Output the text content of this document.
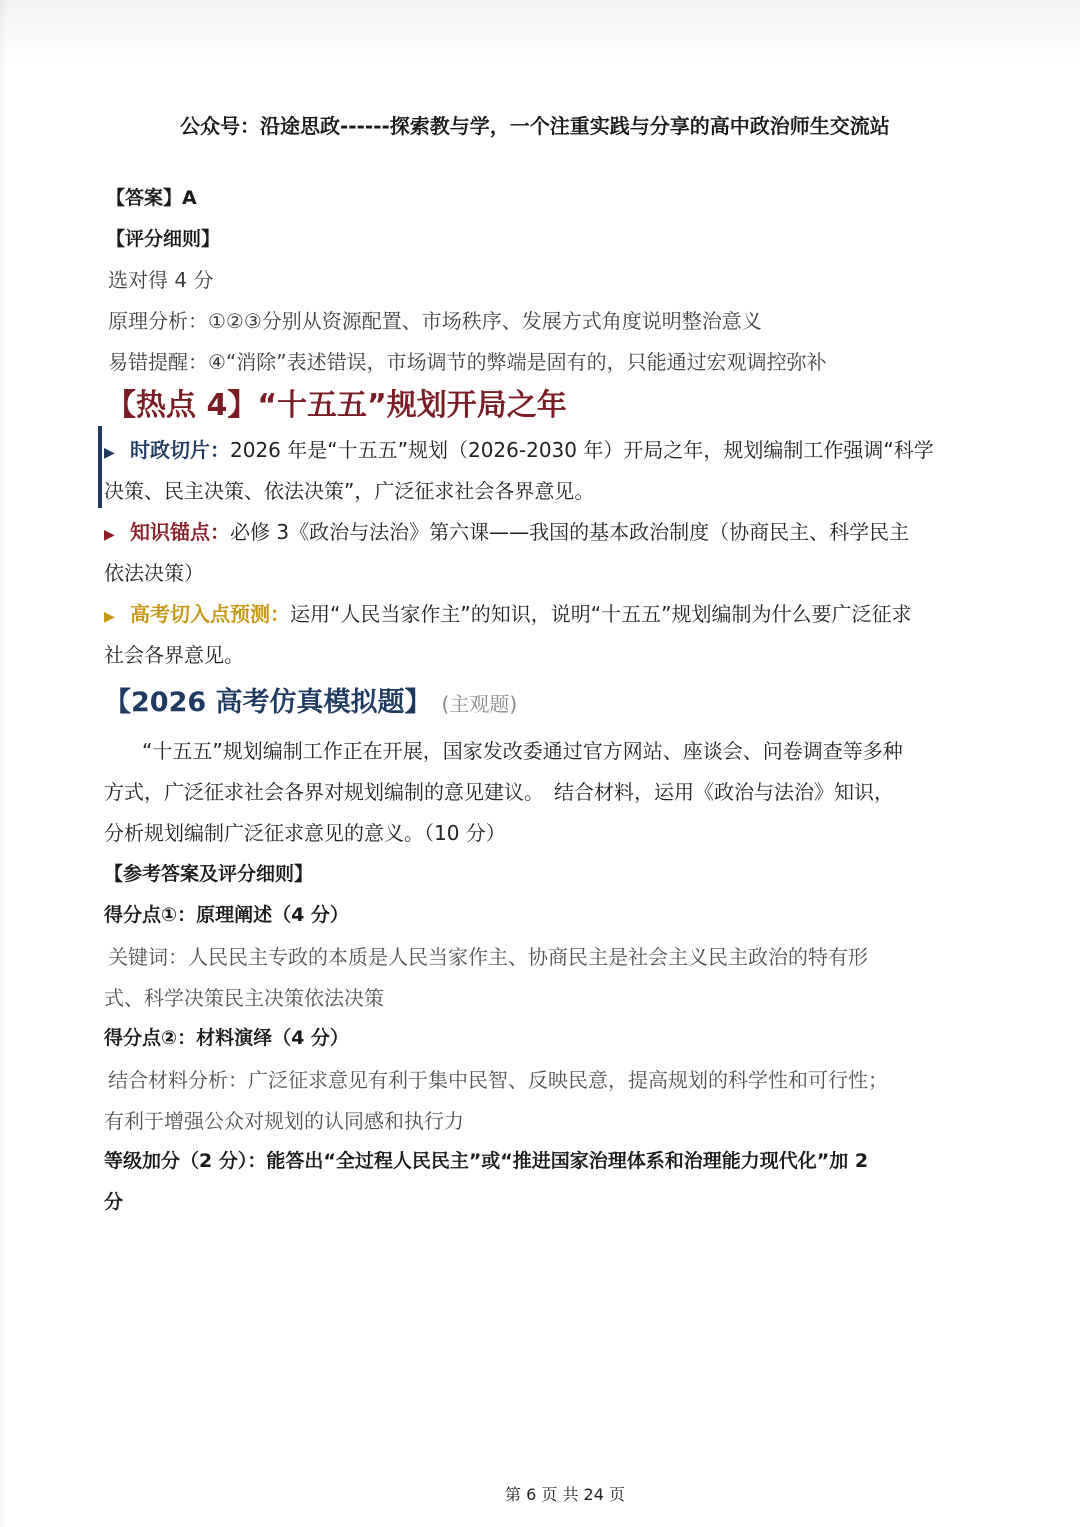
公众号：沿途思政------探索教与学，一个注重实践与分享的高中政治师生交流站
【答案】A
【评分细则】
选对得 4 分
原理分析：①②③分别从资源配置、市场秩序、发展方式角度说明整治意义
易错提醒：④“消除”表述错误，市场调节的弊端是固有的，只能通过宏观调控弥补
【热点 4】“十五五”规划开局之年
▶ 时政切片：2026 年是“十五五”规划（2026-2030 年）开局之年，规划编制工作强调“科学
决策、民主决策、依法决策”，广泛征求社会各界意见。
▶ 知识锚点：必修 3《政治与法治》第六课——我国的基本政治制度（协商民主、科学民主
依法决策）
▶ 高考切入点预测：运用“人民当家作主”的知识，说明“十五五”规划编制为什么要广泛征求
社会各界意见。
【2026 高考仿真模拟题】 (主观题)
“十五五”规划编制工作正在开展，国家发改委通过官方网站、座谈会、问卷调查等多种
方式，广泛征求社会各界对规划编制的意见建议。　结合材料，运用《政治与法治》知识，
分析规划编制广泛征求意见的意义。（10 分）
【参考答案及评分细则】
得分点①：原理阐述（4 分）
关键词：人民民主专政的本质是人民当家作主、协商民主是社会主义民主政治的特有形
式、科学决策民主决策依法决策
得分点②：材料演绎（4 分）
结合材料分析：广泛征求意见有利于集中民智、反映民意，提高规划的科学性和可行性；
有利于增强公众对规划的认同感和执行力
等级加分（2 分）：能答出“全过程人民民主”或“推进国家治理体系和治理能力现代化”加 2
分
第 6 页 共 24 页
